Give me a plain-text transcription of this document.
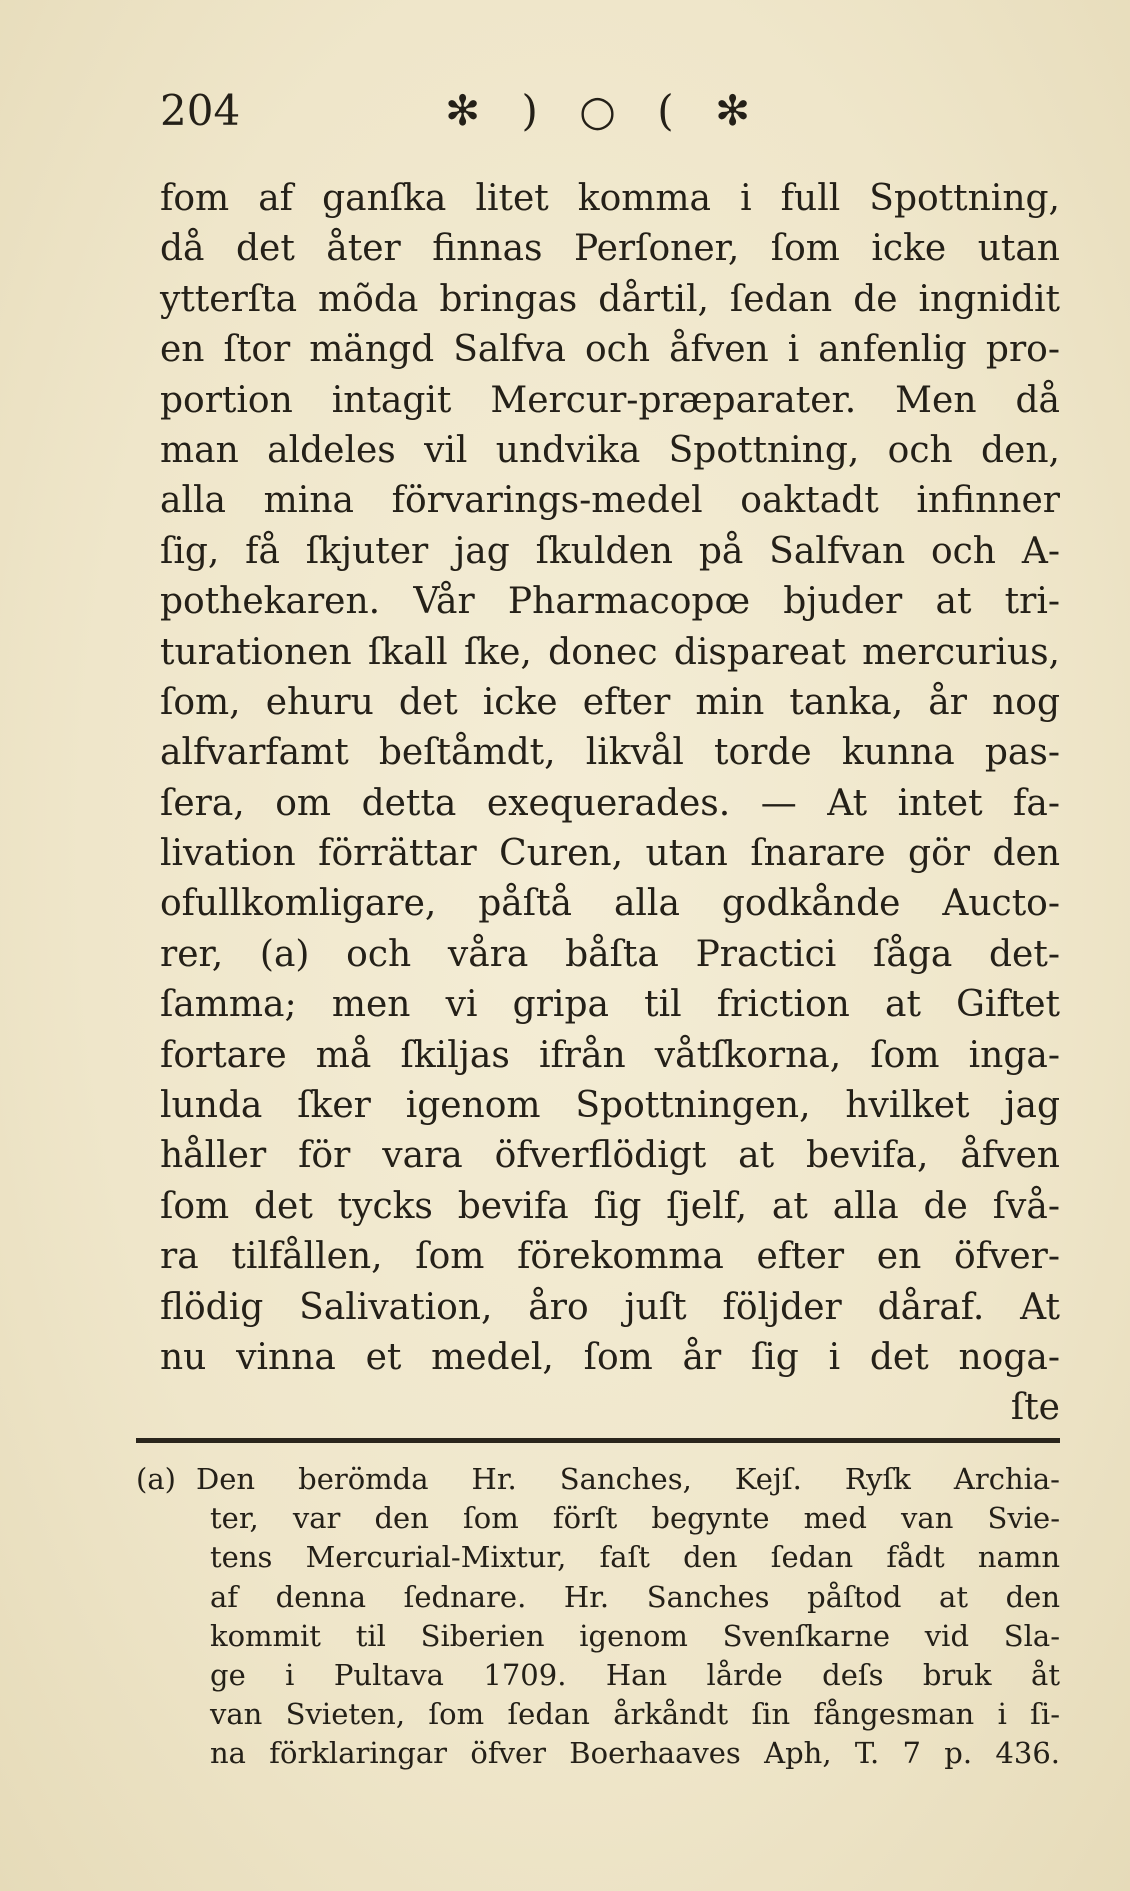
204	✻ ) ○ ( ✻
fom af ganſka litet komma i full Spottning,
då det åter finnas Perſoner, ſom icke utan
ytterſta mõda bringas dårtil, ſedan de ingnidit
en ſtor mängd Salfva och åfven i anfenlig pro-
portion intagit Mercur-præparater. Men då
man aldeles vil undvika Spottning, och den,
alla mina förvarings-medel oaktadt infinner
ſig, få ſkjuter jag ſkulden på Salfvan och A-
pothekaren. Vår Pharmacopœ bjuder at tri-
turationen ſkall ſke, donec dispareat mercurius,
ſom, ehuru det icke efter min tanka, år nog
alfvarfamt beſtåmdt, likvål torde kunna pas-
ſera, om detta exequerades. — At intet fa-
livation förrättar Curen, utan ſnarare gör den
ofullkomligare, påſtå alla godkånde Auctо-
rer, (a) och våra båſta Practici ſåga det-
ſamma; men vi gripa til friction at Giftet
fortare må ſkiljas ifrån våtſkorna, ſom inga-
lunda ſker igenom Spottningen, hvilket jag
håller för vara öfverflödigt at bevifa, åfven
ſom det tycks bevifa ſig ſjelf, at alla de ſvå-
ra tilfållen, ſom förekomma efter en öfver-
flödig Salivation, åro juſt följder dåraf. At
nu vinna et medel, ſom år ſig i det noga-
ſte
(a) Den berömda Hr. Sanches, Kejſ. Ryſk Archia-
ter, var den ſom förſt begynte med van Svie-
tens Mercurial-Mixtur, faſt den ſedan fådt namn
af denna ſednare. Hr. Sanches påſtod at den
kommit til Siberien igenom Svenſkarne vid Sla-
ge i Pultava 1709. Han lårde deſs bruk åt
van Svieten, ſom ſedan årkåndt ſin fångesman i ſi-
na förklaringar öfver Boerhaaves Aph, T. 7 p. 436.
